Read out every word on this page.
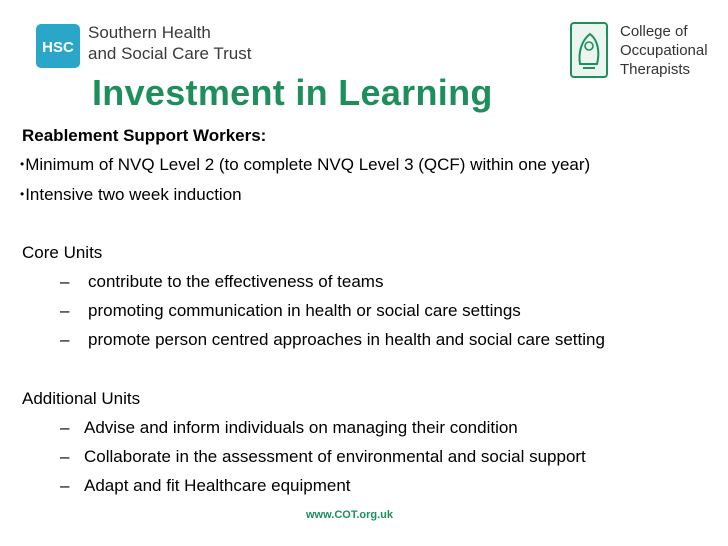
HSC
Southern Health
and Social Care Trust
College of
Occupational
Therapists
Investment in Learning
Reablement Support Workers:
•Minimum of NVQ Level 2 (to complete NVQ Level 3 (QCF) within one year)
•Intensive two week induction
Core Units
– contribute to the effectiveness of teams
– promoting communication in health or social care settings
– promote person centred approaches in health and social care setting
Additional Units
– Advise and inform individuals on managing their condition
– Collaborate in the assessment of environmental and social support
– Adapt and fit Healthcare equipment
www.COT.org.uk
